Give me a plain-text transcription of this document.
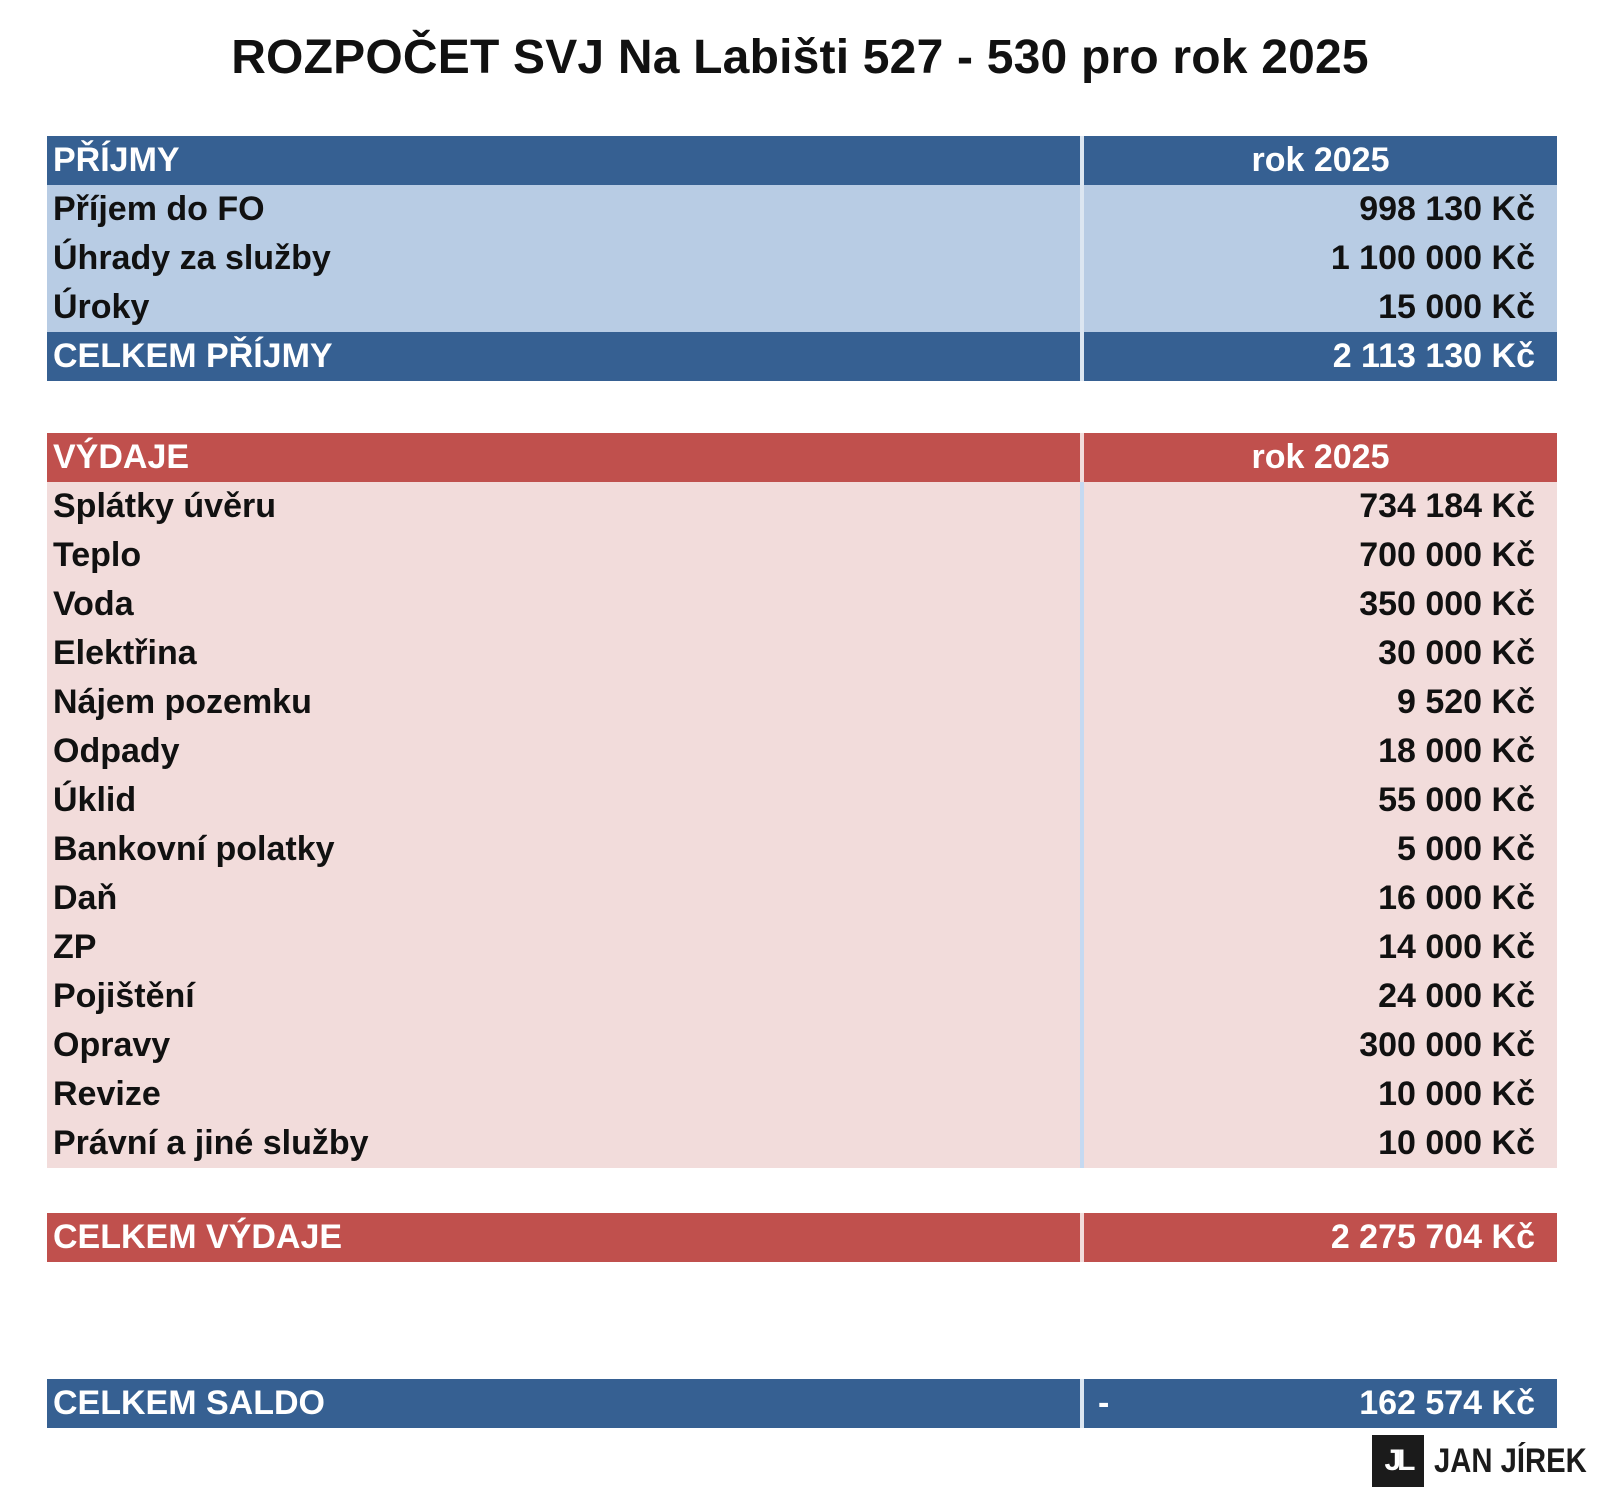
ROZPOČET SVJ Na Labišti 527 - 530 pro rok 2025
PŘÍJMY	rok 2025
Příjem do FO	998 130 Kč
Úhrady za služby	1 100 000 Kč
Úroky	15 000 Kč
CELKEM PŘÍJMY	2 113 130 Kč
VÝDAJE	rok 2025
Splátky úvěru	734 184 Kč
Teplo	700 000 Kč
Voda	350 000 Kč
Elektřina	30 000 Kč
Nájem pozemku	9 520 Kč
Odpady	18 000 Kč
Úklid	55 000 Kč
Bankovní polatky	5 000 Kč
Daň	16 000 Kč
ZP	14 000 Kč
Pojištění	24 000 Kč
Opravy	300 000 Kč
Revize	10 000 Kč
Právní a jiné služby	10 000 Kč
CELKEM VÝDAJE	2 275 704 Kč
CELKEM SALDO	-	162 574 Kč
JL JAN JÍREK
